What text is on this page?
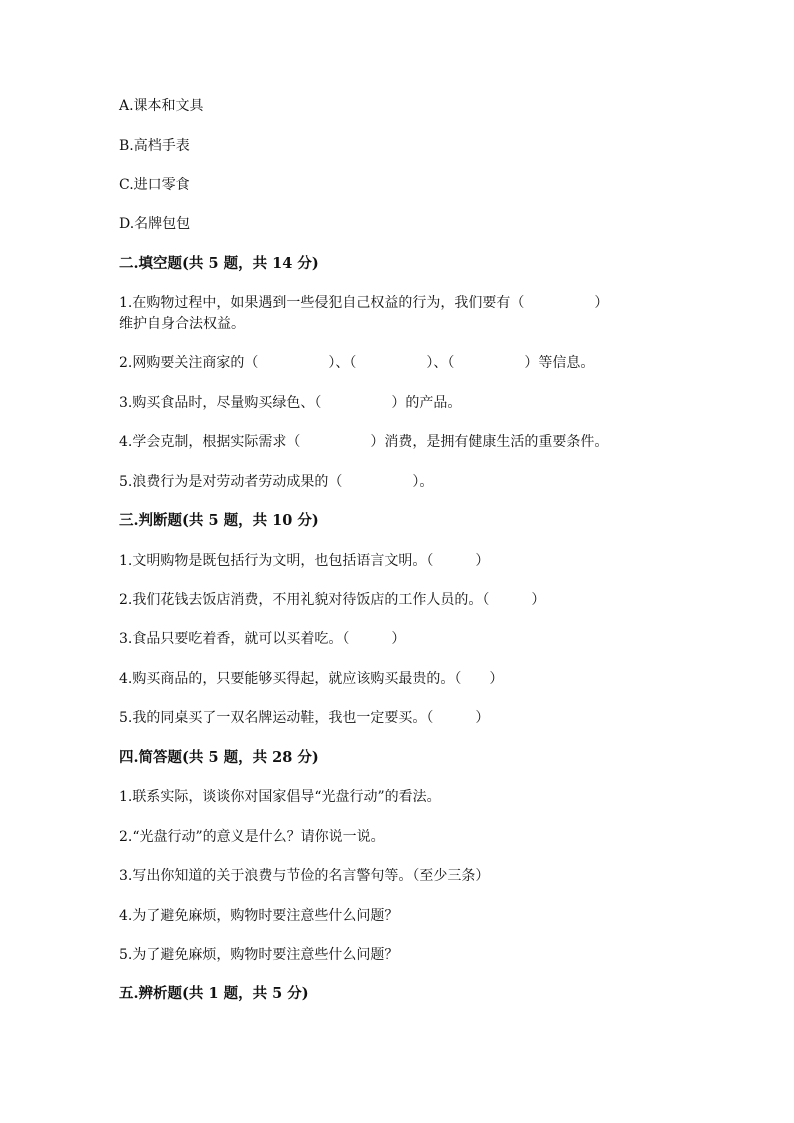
A.课本和文具
B.高档手表
C.进口零食
D.名牌包包
二.填空题(共 5 题，共 14 分)
1.在购物过程中，如果遇到一些侵犯自己权益的行为，我们要有（　　　　　）
维护自身合法权益。
2.网购要关注商家的（　　　　　）、（　　　　　）、（　　　　　）等信息。
3.购买食品时，尽量购买绿色、（　　　　　）的产品。
4.学会克制，根据实际需求（　　　　　）消费，是拥有健康生活的重要条件。
5.浪费行为是对劳动者劳动成果的（　　　　　）。
三.判断题(共 5 题，共 10 分)
1.文明购物是既包括行为文明，也包括语言文明。（　　　）
2.我们花钱去饭店消费，不用礼貌对待饭店的工作人员的。（　　　）
3.食品只要吃着香，就可以买着吃。（　　　）
4.购买商品的，只要能够买得起，就应该购买最贵的。（　　）
5.我的同桌买了一双名牌运动鞋，我也一定要买。（　　　）
四.简答题(共 5 题，共 28 分)
1.联系实际，谈谈你对国家倡导“光盘行动”的看法。
2.“光盘行动”的意义是什么？请你说一说。
3.写出你知道的关于浪费与节俭的名言警句等。（至少三条）
4.为了避免麻烦，购物时要注意些什么问题？
5.为了避免麻烦，购物时要注意些什么问题？
五.辨析题(共 1 题，共 5 分)
